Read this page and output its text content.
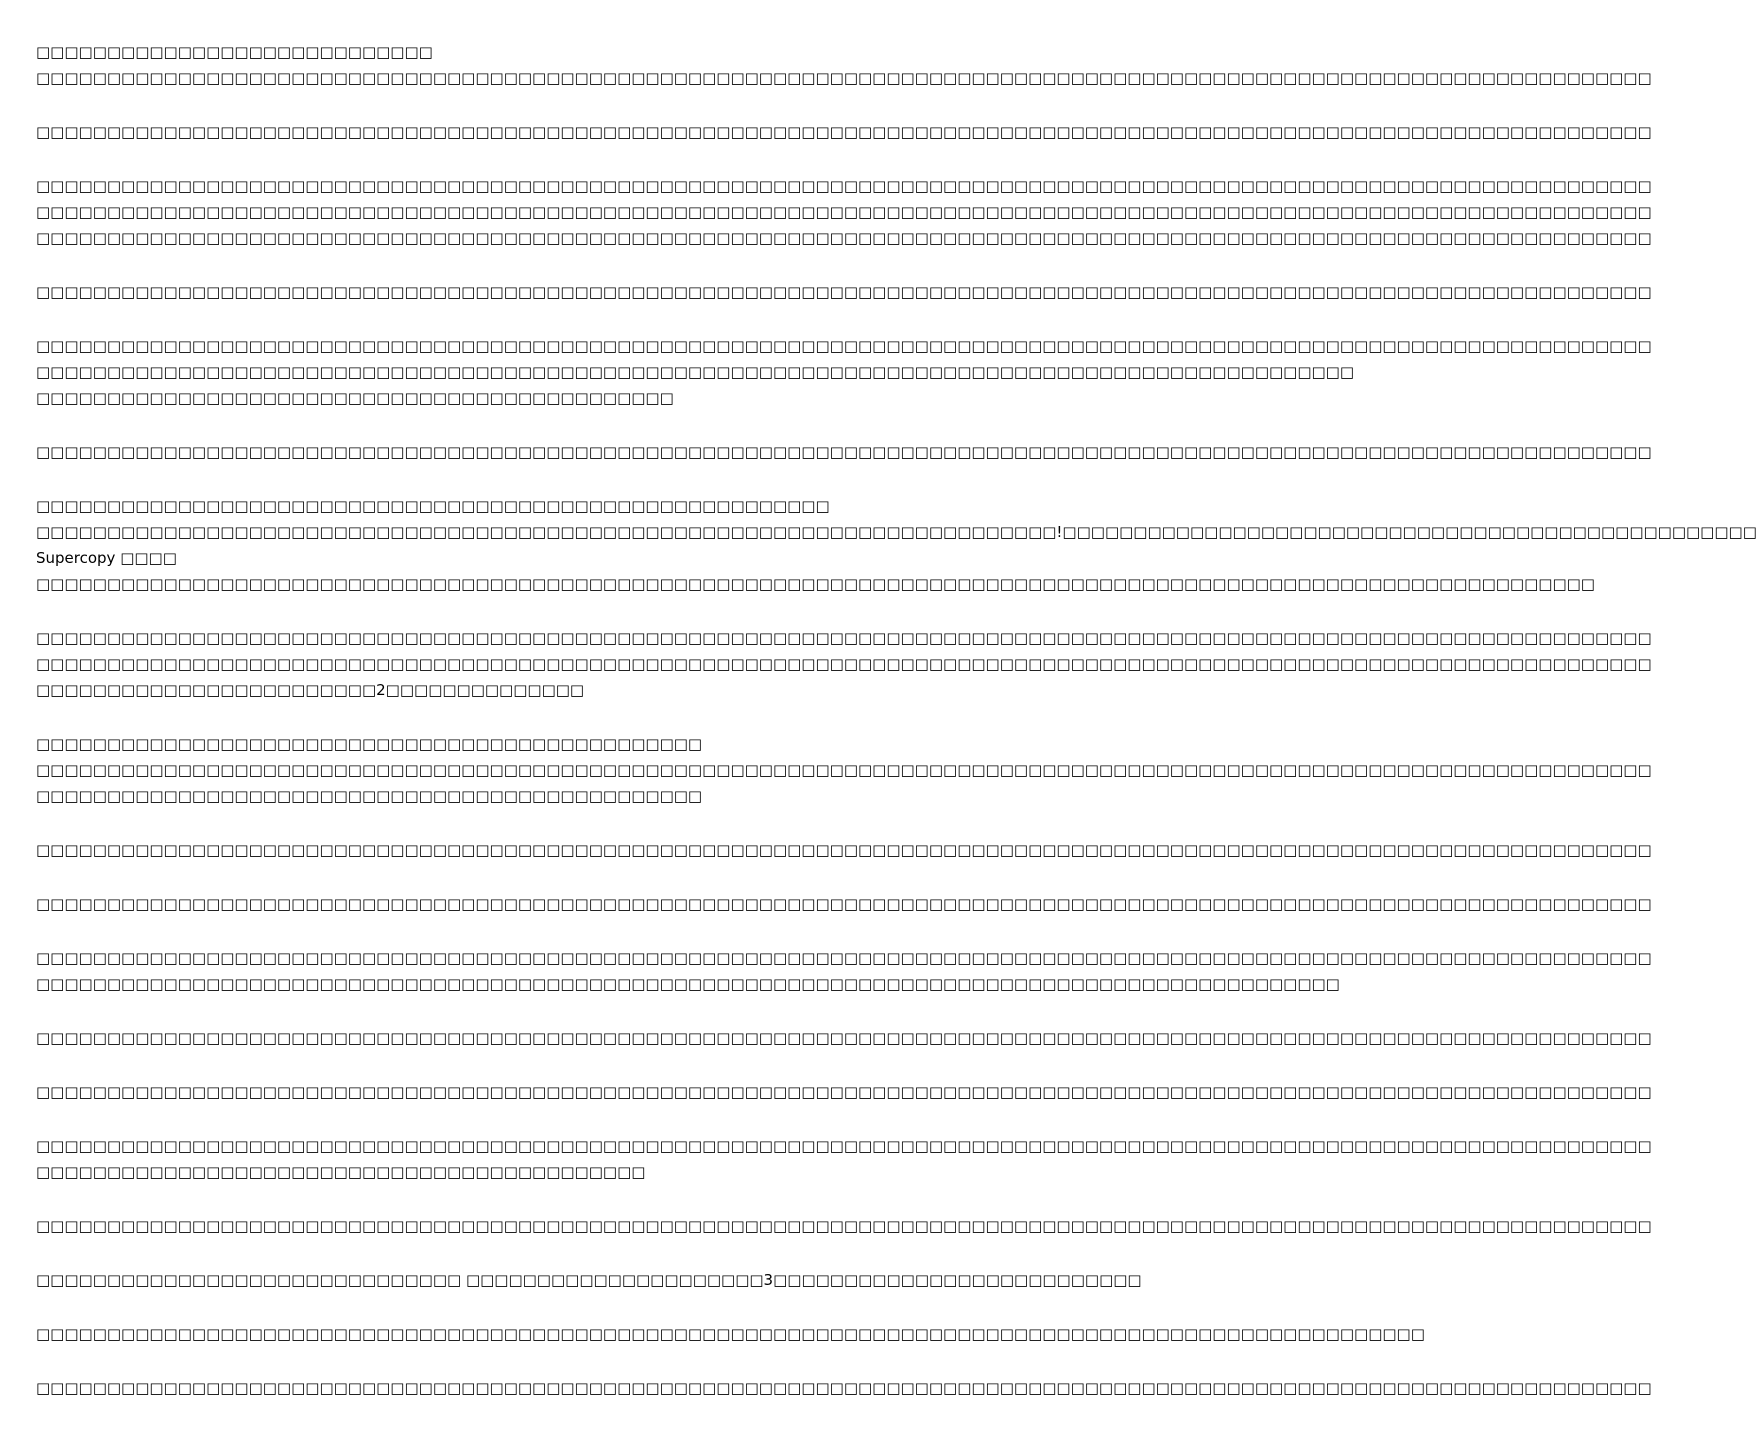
□□□□□□□□□□□□□□□□□□□□□□□□□□□□
□□□□□□□□□□□□□□□□□□□□□□□□□□□□□□□□□□□□□□□□□□□□□□□□□□□□□□□□□□□□□□□□□□□□□□□□□□□□□□□□□□□□□□□□□□□□□□□□□□□□□□□□□□□□□□□□□□
□□□□□□□□□□□□□□□□□□□□□□□□□□□□□□□□□□□□□□□□□□□□□□□□□□□□□□□□□□□□□□□□□□□□□□□□□□□□□□□□□□□□□□□□□□□□□□□□□□□□□□□□□□□□□□□□□□
□□□□□□□□□□□□□□□□□□□□□□□□□□□□□□□□□□□□□□□□□□□□□□□□□□□□□□□□□□□□□□□□□□□□□□□□□□□□□□□□□□□□□□□□□□□□□□□□□□□□□□□□□□□□□□□□□□
□□□□□□□□□□□□□□□□□□□□□□□□□□□□□□□□□□□□□□□□□□□□□□□□□□□□□□□□□□□□□□□□□□□□□□□□□□□□□□□□□□□□□□□□□□□□□□□□□□□□□□□□□□□□□□□□□□
□□□□□□□□□□□□□□□□□□□□□□□□□□□□□□□□□□□□□□□□□□□□□□□□□□□□□□□□□□□□□□□□□□□□□□□□□□□□□□□□□□□□□□□□□□□□□□□□□□□□□□□□□□□□□□□□□□
□□□□□□□□□□□□□□□□□□□□□□□□□□□□□□□□□□□□□□□□□□□□□□□□□□□□□□□□□□□□□□□□□□□□□□□□□□□□□□□□□□□□□□□□□□□□□□□□□□□□□□□□□□□□□□□□□□
□□□□□□□□□□□□□□□□□□□□□□□□□□□□□□□□□□□□□□□□□□□□□□□□□□□□□□□□□□□□□□□□□□□□□□□□□□□□□□□□□□□□□□□□□□□□□□□□□□□□□□□□□□□□□□□□□□
□□□□□□□□□□□□□□□□□□□□□□□□□□□□□□□□□□□□□□□□□□□□□□□□□□□□□□□□□□□□□□□□□□□□□□□□□□□□□□□□□□□□□□□□□□□□□
□□□□□□□□□□□□□□□□□□□□□□□□□□□□□□□□□□□□□□□□□□□□□
□□□□□□□□□□□□□□□□□□□□□□□□□□□□□□□□□□□□□□□□□□□□□□□□□□□□□□□□□□□□□□□□□□□□□□□□□□□□□□□□□□□□□□□□□□□□□□□□□□□□□□□□□□□□□□□□□□
□□□□□□□□□□□□□□□□□□□□□□□□□□□□□□□□□□□□□□□□□□□□□□□□□□□□□□□□
□□□□□□□□□□□□□□□□□□□□□□□□□□□□□□□□□□□□□□□□□□□□□□□□□□□□□□□□□□□□□□□□□□□□□□□□!□□□□□□□□□□□□□□□□□□□□□□□□□□□□□□□□□□□□□□□□□□□□□□□□□
Supercopy □□□□
□□□□□□□□□□□□□□□□□□□□□□□□□□□□□□□□□□□□□□□□□□□□□□□□□□□□□□□□□□□□□□□□□□□□□□□□□□□□□□□□□□□□□□□□□□□□□□□□□□□□□□□□□□□□□□
□□□□□□□□□□□□□□□□□□□□□□□□□□□□□□□□□□□□□□□□□□□□□□□□□□□□□□□□□□□□□□□□□□□□□□□□□□□□□□□□□□□□□□□□□□□□□□□□□□□□□□□□□□□□□□□□□□
□□□□□□□□□□□□□□□□□□□□□□□□□□□□□□□□□□□□□□□□□□□□□□□□□□□□□□□□□□□□□□□□□□□□□□□□□□□□□□□□□□□□□□□□□□□□□□□□□□□□□□□□□□□□□□□□□□
□□□□□□□□□□□□□□□□□□□□□□□□2□□□□□□□□□□□□□□
□□□□□□□□□□□□□□□□□□□□□□□□□□□□□□□□□□□□□□□□□□□□□□□
□□□□□□□□□□□□□□□□□□□□□□□□□□□□□□□□□□□□□□□□□□□□□□□□□□□□□□□□□□□□□□□□□□□□□□□□□□□□□□□□□□□□□□□□□□□□□□□□□□□□□□□□□□□□□□□□□□
□□□□□□□□□□□□□□□□□□□□□□□□□□□□□□□□□□□□□□□□□□□□□□□
□□□□□□□□□□□□□□□□□□□□□□□□□□□□□□□□□□□□□□□□□□□□□□□□□□□□□□□□□□□□□□□□□□□□□□□□□□□□□□□□□□□□□□□□□□□□□□□□□□□□□□□□□□□□□□□□□□
□□□□□□□□□□□□□□□□□□□□□□□□□□□□□□□□□□□□□□□□□□□□□□□□□□□□□□□□□□□□□□□□□□□□□□□□□□□□□□□□□□□□□□□□□□□□□□□□□□□□□□□□□□□□□□□□□□
□□□□□□□□□□□□□□□□□□□□□□□□□□□□□□□□□□□□□□□□□□□□□□□□□□□□□□□□□□□□□□□□□□□□□□□□□□□□□□□□□□□□□□□□□□□□□□□□□□□□□□□□□□□□□□□□□□
□□□□□□□□□□□□□□□□□□□□□□□□□□□□□□□□□□□□□□□□□□□□□□□□□□□□□□□□□□□□□□□□□□□□□□□□□□□□□□□□□□□□□□□□□□□□
□□□□□□□□□□□□□□□□□□□□□□□□□□□□□□□□□□□□□□□□□□□□□□□□□□□□□□□□□□□□□□□□□□□□□□□□□□□□□□□□□□□□□□□□□□□□□□□□□□□□□□□□□□□□□□□□□□
□□□□□□□□□□□□□□□□□□□□□□□□□□□□□□□□□□□□□□□□□□□□□□□□□□□□□□□□□□□□□□□□□□□□□□□□□□□□□□□□□□□□□□□□□□□□□□□□□□□□□□□□□□□□□□□□□□
□□□□□□□□□□□□□□□□□□□□□□□□□□□□□□□□□□□□□□□□□□□□□□□□□□□□□□□□□□□□□□□□□□□□□□□□□□□□□□□□□□□□□□□□□□□□□□□□□□□□□□□□□□□□□□□□□□
□□□□□□□□□□□□□□□□□□□□□□□□□□□□□□□□□□□□□□□□□□□
□□□□□□□□□□□□□□□□□□□□□□□□□□□□□□□□□□□□□□□□□□□□□□□□□□□□□□□□□□□□□□□□□□□□□□□□□□□□□□□□□□□□□□□□□□□□□□□□□□□□□□□□□□□□□□□□□□
□□□□□□□□□□□□□□□□□□□□□□□□□□□□□□ □□□□□□□□□□□□□□□□□□□□□3□□□□□□□□□□□□□□□□□□□□□□□□□□
□□□□□□□□□□□□□□□□□□□□□□□□□□□□□□□□□□□□□□□□□□□□□□□□□□□□□□□□□□□□□□□□□□□□□□□□□□□□□□□□□□□□□□□□□□□□□□□□□□
□□□□□□□□□□□□□□□□□□□□□□□□□□□□□□□□□□□□□□□□□□□□□□□□□□□□□□□□□□□□□□□□□□□□□□□□□□□□□□□□□□□□□□□□□□□□□□□□□□□□□□□□□□□□□□□□□□
